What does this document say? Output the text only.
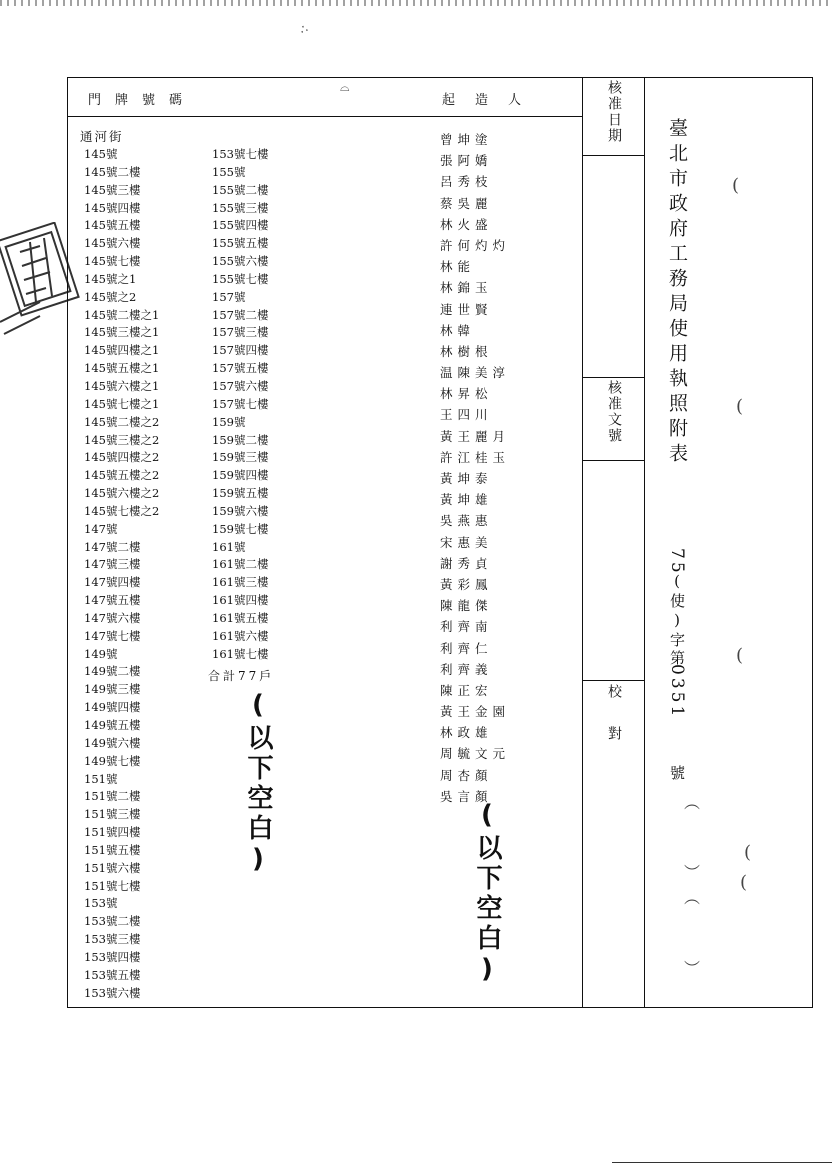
∴
⌓
門牌號碼	起造人	核准日期
核准文號
校對
臺北市政府工務局使用執照附表
75
(使)字第
0351
號
︵
︶
︵
︶
通河街
145號
145號二樓
145號三樓
145號四樓
145號五樓
145號六樓
145號七樓
145號之1
145號之2
145號二樓之1
145號三樓之1
145號四樓之1
145號五樓之1
145號六樓之1
145號七樓之1
145號二樓之2
145號三樓之2
145號四樓之2
145號五樓之2
145號六樓之2
145號七樓之2
147號
147號二樓
147號三樓
147號四樓
147號五樓
147號六樓
147號七樓
149號
149號二樓
149號三樓
149號四樓
149號五樓
149號六樓
149號七樓
151號
151號二樓
151號三樓
151號四樓
151號五樓
151號六樓
151號七樓
153號
153號二樓
153號三樓
153號四樓
153號五樓
153號六樓
153號七樓
155號
155號二樓
155號三樓
155號四樓
155號五樓
155號六樓
155號七樓
157號
157號二樓
157號三樓
157號四樓
157號五樓
157號六樓
157號七樓
159號
159號二樓
159號三樓
159號四樓
159號五樓
159號六樓
159號七樓
161號
161號二樓
161號三樓
161號四樓
161號五樓
161號六樓
161號七樓
合計77戶
(以下空白)
曾坤塗
張阿嬌
呂秀枝
蔡吳麗
林火盛
許何灼灼
林能
林錦玉
連世賢
林韓
林樹根
温陳美淳
林昇松
王四川
黃王麗月
許江桂玉
黃坤泰
黃坤雄
吳燕惠
宋惠美
謝秀貞
黃彩鳳
陳龍傑
利齊南
利齊仁
利齊義
陳正宏
黃王金園
林政雄
周毓文元
周杏顏
吳言顏
(以下空白)
(
(
(
(
(
